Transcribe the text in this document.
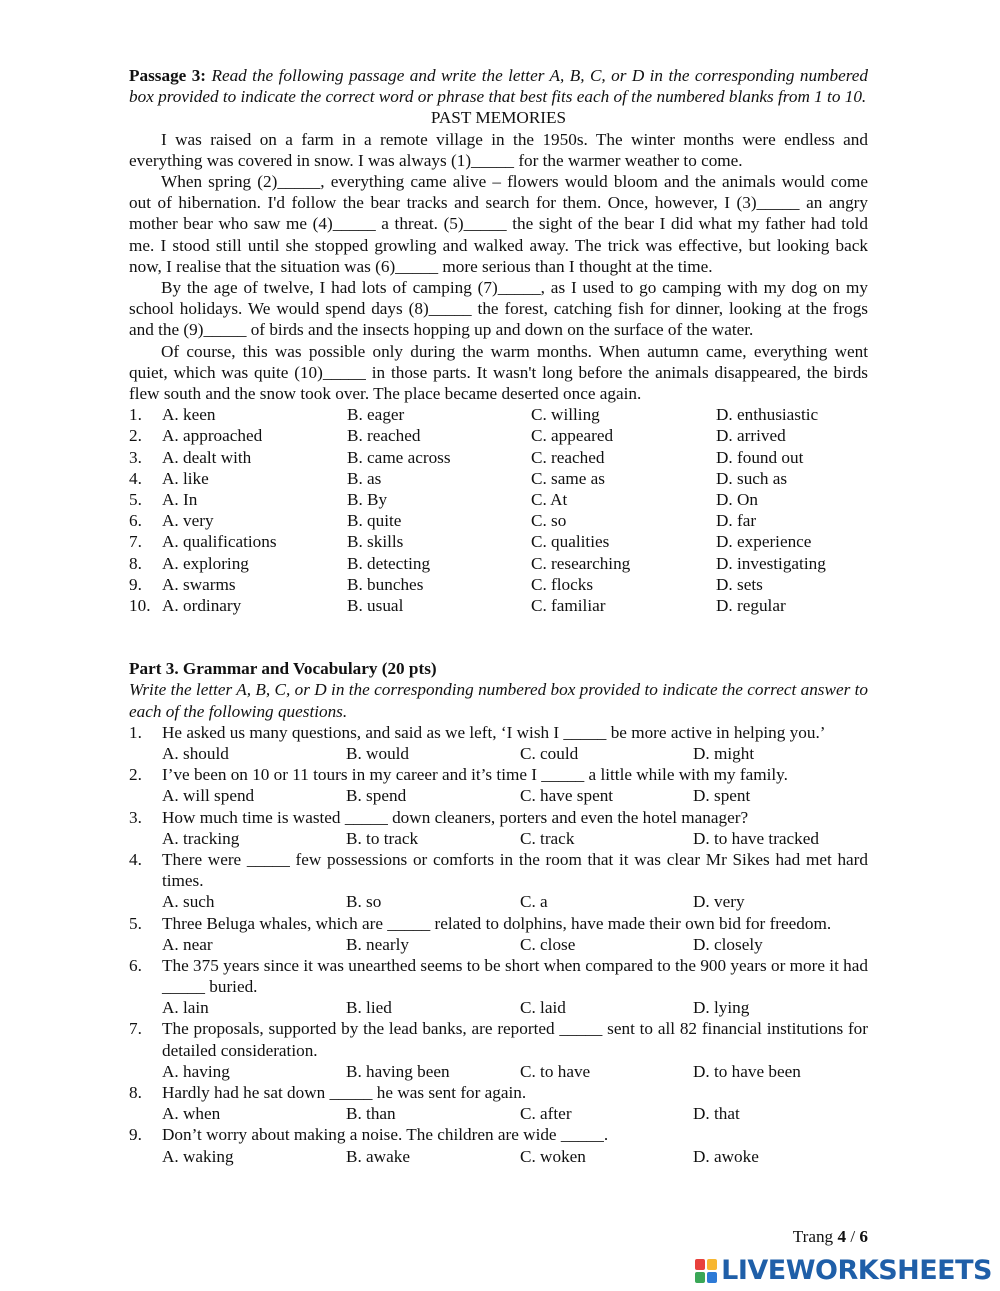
Passage 3: Read the following passage and write the letter A, B, C, or D in the corresponding numbered box provided to indicate the correct word or phrase that best fits each of the numbered blanks from 1 to 10.
PAST MEMORIES
I was raised on a farm in a remote village in the 1950s. The winter months were endless and everything was covered in snow. I was always (1)_____ for the warmer weather to come.
When spring (2)_____, everything came alive – flowers would bloom and the animals would come out of hibernation. I'd follow the bear tracks and search for them. Once, however, I (3)_____ an angry mother bear who saw me (4)_____ a threat. (5)_____ the sight of the bear I did what my father had told me. I stood still until she stopped growling and walked away. The trick was effective, but looking back now, I realise that the situation was (6)_____ more serious than I thought at the time.
By the age of twelve, I had lots of camping (7)_____, as I used to go camping with my dog on my school holidays. We would spend days (8)_____ the forest, catching fish for dinner, looking at the frogs and the (9)_____ of birds and the insects hopping up and down on the surface of the water.
Of course, this was possible only during the warm months. When autumn came, everything went quiet, which was quite (10)_____ in those parts. It wasn't long before the animals disappeared, the birds flew south and the snow took over. The place became deserted once again.
1.	A. keen	B. eager	C. willing	D. enthusiastic
2.	A. approached	B. reached	C. appeared	D. arrived
3.	A. dealt with	B. came across	C. reached	D. found out
4.	A. like	B. as	C. same as	D. such as
5.	A. In	B. By	C. At	D. On
6.	A. very	B. quite	C. so	D. far
7.	A. qualifications	B. skills	C. qualities	D. experience
8.	A. exploring	B. detecting	C. researching	D. investigating
9.	A. swarms	B. bunches	C. flocks	D. sets
10. A. ordinary	B. usual	C. familiar	D. regular
Part 3. Grammar and Vocabulary (20 pts)
Write the letter A, B, C, or D in the corresponding numbered box provided to indicate the correct answer to each of the following questions.
1.	He asked us many questions, and said as we left, ‘I wish I _____ be more active in helping you.’
A. should	B. would	C. could	D. might
2.	I’ve been on 10 or 11 tours in my career and it’s time I _____ a little while with my family.
A. will spend	B. spend	C. have spent	D. spent
3.	How much time is wasted _____ down cleaners, porters and even the hotel manager?
A. tracking	B. to track	C. track	D. to have tracked
4.	There were _____ few possessions or comforts in the room that it was clear Mr Sikes had met hard times.
A. such	B. so	C. a	D. very
5.	Three Beluga whales, which are _____ related to dolphins, have made their own bid for freedom.
A. near	B. nearly	C. close	D. closely
6.	The 375 years since it was unearthed seems to be short when compared to the 900 years or more it had _____ buried.
A. lain	B. lied	C. laid	D. lying
7.	The proposals, supported by the lead banks, are reported _____ sent to all 82 financial institutions for detailed consideration.
A. having	B. having been	C. to have	D. to have been
8.	Hardly had he sat down _____ he was sent for again.
A. when	B. than	C. after	D. that
9.	Don’t worry about making a noise. The children are wide _____.
A. waking	B. awake	C. woken	D. awoke
Trang 4 / 6
LIVEWORKSHEETS
